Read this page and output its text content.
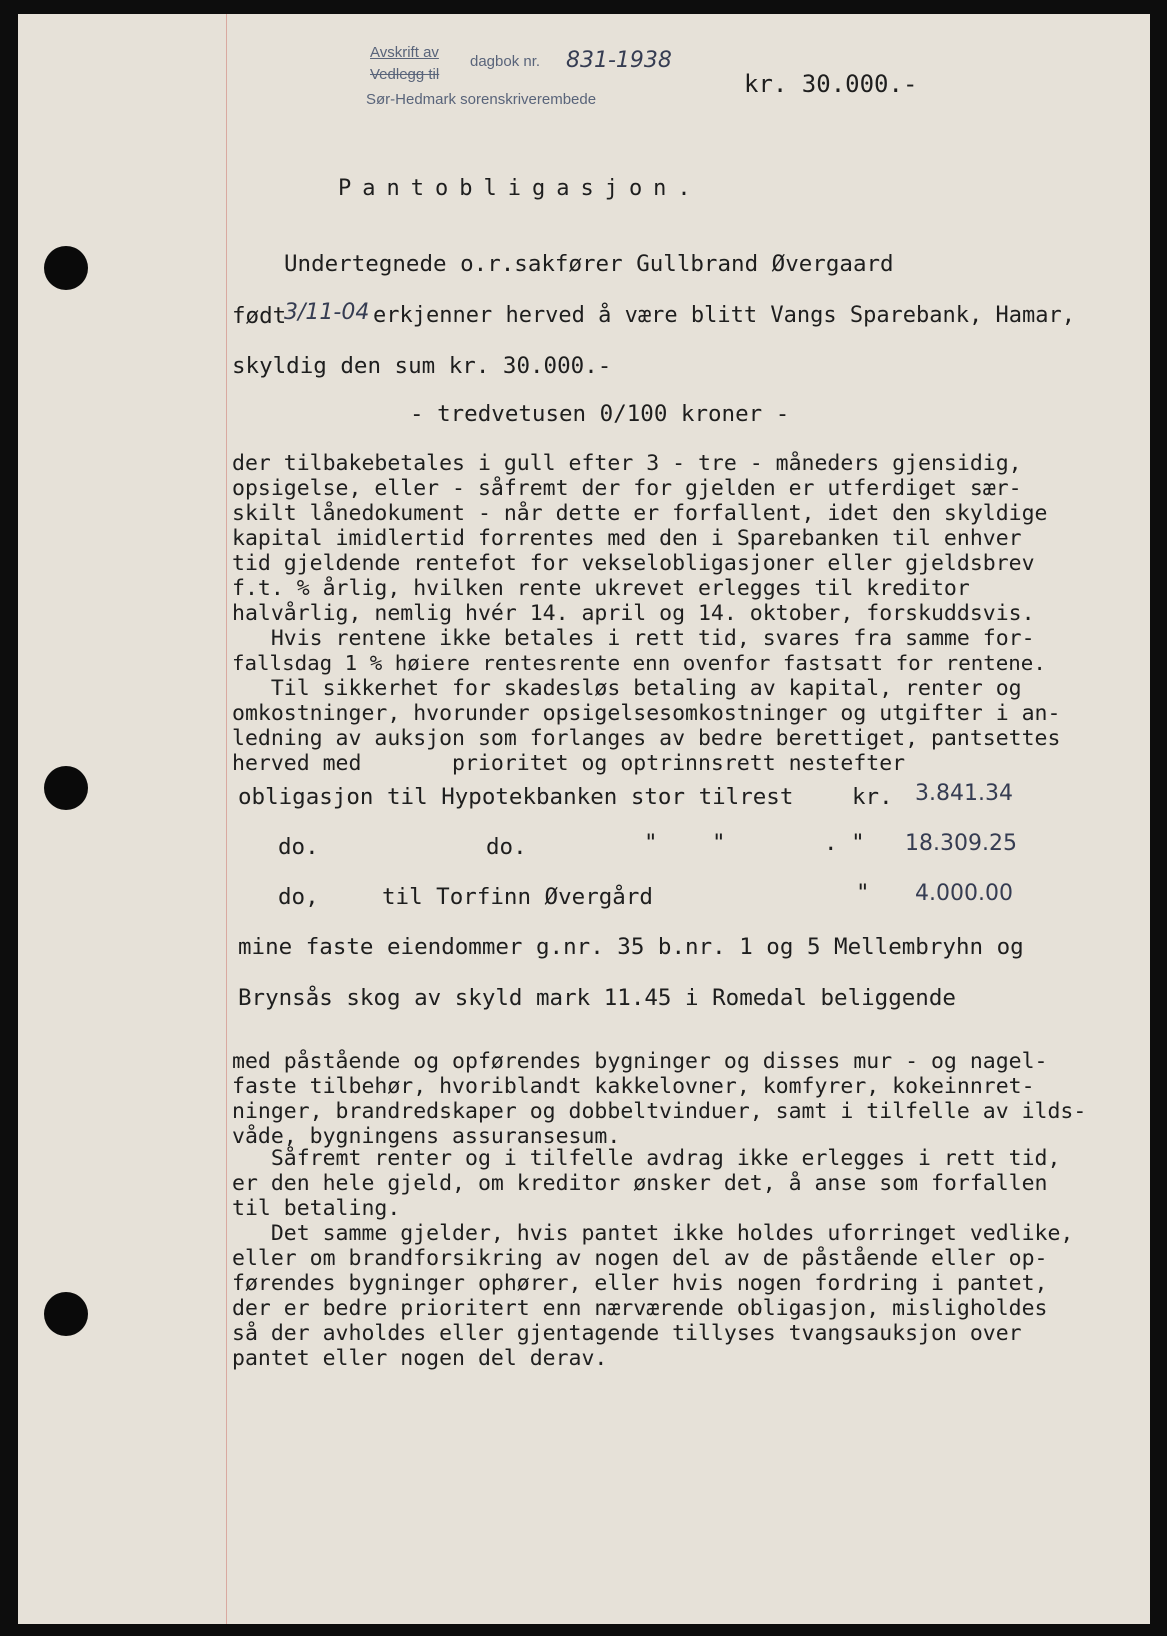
Avskrift av
dagbok nr.
Vedlegg til
Sør-Hedmark sorenskriverembede
831-1938
kr. 30.000.-
Pantobligasjon.
Undertegnede o.r.sakfører Gullbrand Øvergaard
født
3/11-04 erkjenner herved å være blitt Vangs Sparebank, Hamar,
skyldig den sum kr. 30.000.-
- tredvetusen 0/100 kroner -
der tilbakebetales i gull efter 3 - tre - måneders gjensidig,
opsigelse, eller - såfremt der for gjelden er utferdiget sær-
skilt lånedokument - når dette er forfallent, idet den skyldige
kapital imidlertid forrentes med den i Sparebanken til enhver
tid gjeldende rentefot for vekselobligasjoner eller gjeldsbrev
f.t. % årlig, hvilken rente ukrevet erlegges til kreditor
halvårlig, nemlig hvér 14. april og 14. oktober, forskuddsvis.
Hvis rentene ikke betales i rett tid, svares fra samme for-
fallsdag 1 % høiere rentesrente enn ovenfor fastsatt for rentene.
Til sikkerhet for skadesløs betaling av kapital, renter og
omkostninger, hvorunder opsigelsesomkostninger og utgifter i an-
ledning av auksjon som forlanges av bedre berettiget, pantsettes
herved med       prioritet og optrinnsrett nestefter
obligasjon til Hypotekbanken stor tilrest	kr. 3.841.34
do.	do.	" "	. " 18.309.25
do,	til Torfinn Øvergård	" 4.000.00
mine faste eiendommer g.nr. 35 b.nr. 1 og 5 Mellembryhn og
Brynsås skog av skyld mark 11.45 i Romedal beliggende
med påstående og opførendes bygninger og disses mur - og nagel-
faste tilbehør, hvoriblandt kakkelovner, komfyrer, kokeinnret-
ninger, brandredskaper og dobbeltvinduer, samt i tilfelle av ilds-
våde, bygningens assuransesum.
Såfremt renter og i tilfelle avdrag ikke erlegges i rett tid,
er den hele gjeld, om kreditor ønsker det, å anse som forfallen
til betaling.
Det samme gjelder, hvis pantet ikke holdes uforringet vedlike,
eller om brandforsikring av nogen del av de påstående eller op-
førendes bygninger ophører, eller hvis nogen fordring i pantet,
der er bedre prioritert enn nærværende obligasjon, misligholdes
så der avholdes eller gjentagende tillyses tvangsauksjon over
pantet eller nogen del derav.
